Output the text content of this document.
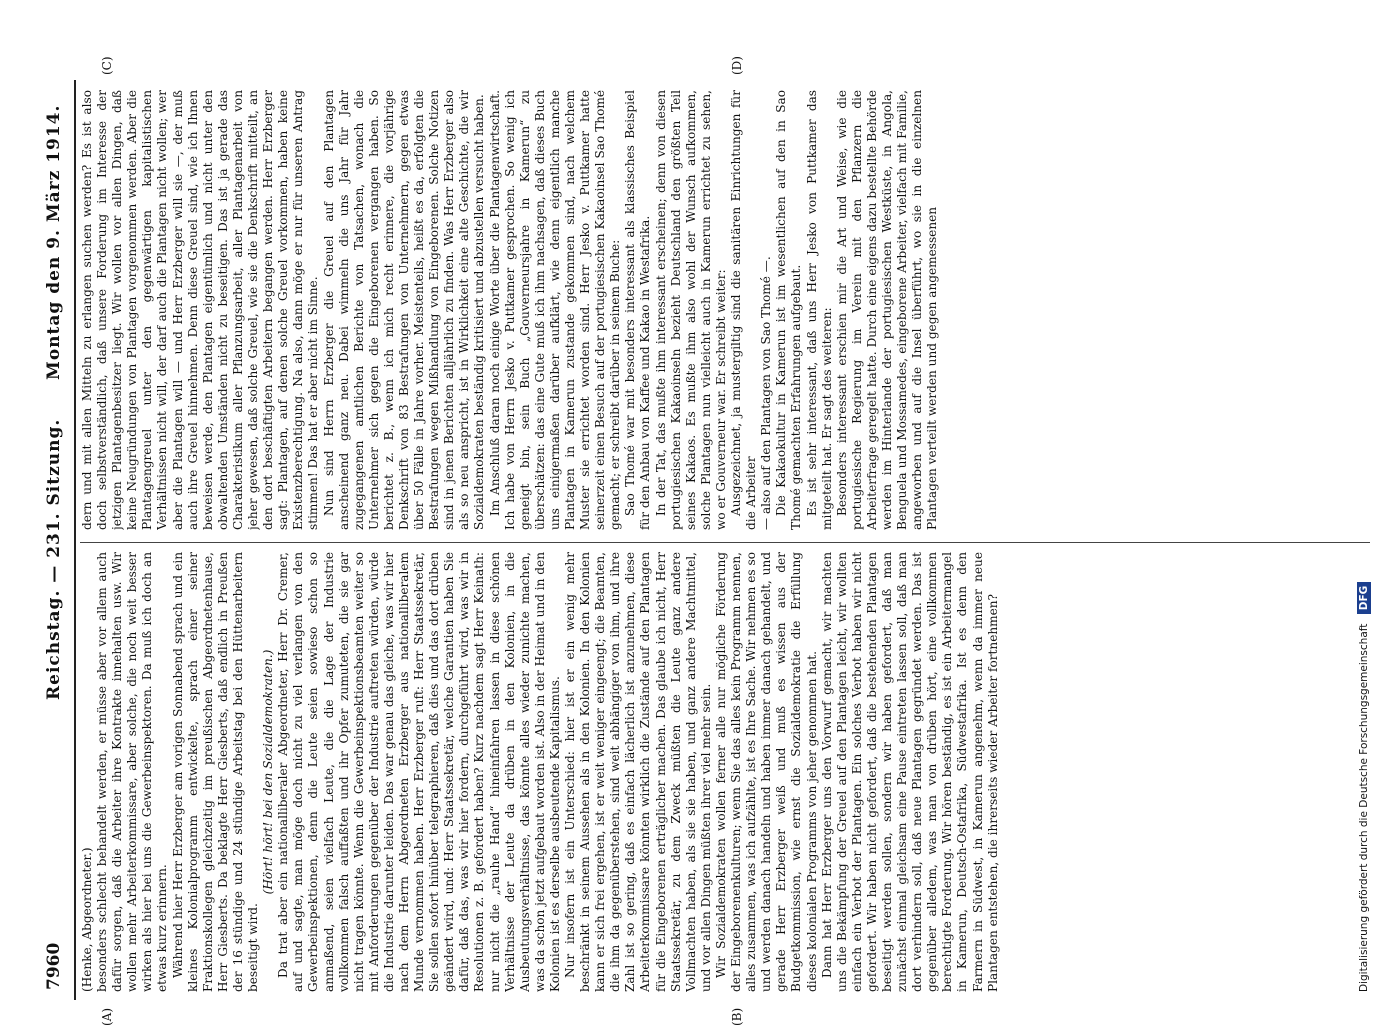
7960
Reichstag. — 231. Sitzung.
Montag den 9. März 1914.
(A)	(B)
(C)	(D)

(Henke, Abgeordneter.) besonders schlecht behandelt werden, er müsse aber vor allem auch dafür sorgen, daß die Arbeiter ihre Kontrakte innehalten usw. Wir wollen mehr Arbeiterkommissare, aber solche, die noch weit besser wirken als hier bei uns die Gewerbeinspektoren. Da muß ich doch an etwas kurz erinnern. Während hier Herr Erzberger am vorigen Sonnabend sprach und ein kleines Kolonialprogramm entwickelte, sprach einer seiner Fraktionskollegen gleichzeitig im preußischen Abgeordnetenhause, Herr Giesberts. Da beklagte Herr Giesberts, daß endlich in Preußen der 16 stündige und 24 stündige Arbeitstag bei den Hüttenarbeitern beseitigt wird.

(Hört! hört! bei den Sozialdemokraten.) Da trat aber ein nationalliberaler Abgeordneter, Herr Dr. Cremer, auf und sagte, man möge doch nicht zu viel verlangen von den Gewerbeinspektionen, denn die Leute seien sowieso schon so anmaßend, seien vielfach Leute, die die Lage der Industrie vollkommen falsch auffaßten und ihr Opfer zumuteten, die sie gar nicht tragen könnte. Wenn die Gewerbeinspektionsbeamten weiter so mit Anforderungen gegenüber der Industrie auftreten würden, würde die Industrie darunter leiden. Das war genau das gleiche, was wir hier nach dem Herrn Abgeordneten Erzberger aus nationalliberalem Munde vernommen haben. Herr Erzberger ruft: Herr Staatssekretär, Sie sollen sofort hinüber telegraphieren, daß dies und das dort drüben geändert wird, und: Herr Staatssekretär, welche Garantien haben Sie dafür, daß das, was wir hier fordern, durchgeführt wird, was wir in Resolutionen z. B. gefordert haben? Kurz nachdem sagt Herr Keinath: nur nicht die „rauhe Hand“ hineinfahren lassen in diese schönen Verhältnisse der Leute da drüben in den Kolonien, in die Ausbeutungsverhältnisse, das könnte alles wieder zunichte machen, was da schon jetzt aufgebaut worden ist. Also in der Heimat und in den Kolonien ist es derselbe ausbeutende Kapitalismus. Nur insofern ist ein Unterschied: hier ist er ein wenig mehr beschränkt in seinem Aussehen als in den Kolonien. In den Kolonien kann er sich frei ergehen, ist er weit weniger eingeengt; die Beamten, die ihm da gegenüberstehen, sind weit abhängiger von ihm, und ihre Zahl ist so gering, daß es einfach lächerlich ist anzunehmen, diese Arbeiterkommissare könnten wirklich die Zustände auf den Plantagen für die Eingeborenen erträglicher machen. Das glaube ich nicht, Herr Staatssekretär, zu dem Zweck müßten die Leute ganz andere Vollmachten haben, als sie sie haben, und ganz andere Machtmittel, und vor allen Dingen müßten ihrer viel mehr sein. Wir Sozialdemokraten wollen ferner alle nur mögliche Förderung der Eingeborenenkulturen; wenn Sie das alles kein Programm nennen, alles zusammen, was ich aufzählte, ist es Ihre Sache. Wir nehmen es so und werden danach handeln und haben immer danach gehandelt, und gerade Herr Erzberger weiß und muß es wissen aus der Budgetkommission, wie ernst die Sozialdemokratie die Erfüllung dieses kolonialen Programms von jeher genommen hat. Dann hat Herr Erzberger uns den Vorwurf gemacht, wir machten uns die Bekämpfung der Greuel auf den Plantagen leicht, wir wollten einfach ein Verbot der Plantagen. Ein solches Verbot haben wir nicht gefordert. Wir haben nicht gefordert, daß die bestehenden Plantagen beseitigt werden sollen, sondern wir haben gefordert, daß man zunächst einmal gleichsam eine Pause eintreten lassen soll, daß man dort verhindern soll, daß neue Plantagen gegründet werden. Das ist gegenüber alledem, was man von drüben hört, eine vollkommen berechtigte Forderung. Wir hören beständig, es ist ein Arbeitermangel in Kamerun, Deutsch-Ostafrika, Südwestafrika. Ist es denn den Farmern in Südwest, in Kamerun angenehm, wenn da immer neue Plantagen entstehen, die ihrerseits wieder Arbeiter fortnehmen?

dern und mit allen Mitteln zu erlangen suchen werden? Es ist also doch selbstverständlich, daß unsere Forderung im Interesse der jetzigen Plantagenbesitzer liegt. Wir wollen vor allen Dingen, daß keine Neugründungen von Plantagen vorgenommen werden. Aber die Plantagengreuel unter den gegenwärtigen kapitalistischen Verhältnissen nicht will, der darf auch die Plantagen nicht wollen; wer aber die Plantagen will — und Herr Erzberger will sie —, der muß auch ihre Greuel hinnehmen. Denn diese Greuel sind, wie ich Ihnen beweisen werde, den Plantagen eigentümlich und nicht unter den obwaltenden Umständen nicht zu beseitigen. Das ist ja gerade das Charakteristikum aller Pflanzungsarbeit, aller Plantagenarbeit von jeher gewesen, daß solche Greuel, wie sie die Denkschrift mitteilt, an den dort beschäftigten Arbeitern begangen werden. Herr Erzberger sagt: Plantagen, auf denen solche Greuel vorkommen, haben keine Existenzberechtigung. Na also, dann möge er nur für unseren Antrag stimmen! Das hat er aber nicht im Sinne. Nun sind Herrn Erzberger die Greuel auf den Plantagen anscheinend ganz neu. Dabei wimmeln die uns Jahr für Jahr zugegangenen amtlichen Berichte von Tatsachen, wonach die Unternehmer sich gegen die Eingeborenen vergangen haben. So berichtet z. B., wenn ich mich recht erinnere, die vorjährige Denkschrift von 83 Bestrafungen von Unternehmern, gegen etwas über 50 Fälle in Jahre vorher. Meistenteils, heißt es da, erfolgten die Bestrafungen wegen Mißhandlung von Eingeborenen. Solche Notizen sind in jenen Berichten alljährlich zu finden. Was Herr Erzberger also als so neu anspricht, ist in Wirklichkeit eine alte Geschichte, die wir Sozialdemokraten beständig kritisiert und abzustellen versucht haben. Im Anschluß daran noch einige Worte über die Plantagenwirtschaft. Ich habe von Herrn Jesko v. Puttkamer gesprochen. So wenig ich geneigt bin, sein Buch „Gouverneursjahre in Kamerun“ zu überschätzen: das eine Gute muß ich ihm nachsagen, daß dieses Buch uns einigermaßen darüber aufklärt, wie denn eigentlich manche Plantagen in Kamerun zustande gekommen sind, nach welchem Muster sie errichtet worden sind. Herr Jesko v. Puttkamer hatte seinerzeit einen Besuch auf der portugiesischen Kakaoinsel Sao Thomé gemacht; er schreibt darüber in seinem Buche: Sao Thomé war mit besonders interessant als klassisches Beispiel für den Anbau von Kaffee und Kakao in Westafrika. In der Tat, das mußte ihm interessant erscheinen; denn von diesen portugiesischen Kakaoinseln bezieht Deutschland den größten Teil seines Kakaos. Es mußte ihm also wohl der Wunsch aufkommen, solche Plantagen nun vielleicht auch in Kamerun errichtet zu sehen, wo er Gouverneur war. Er schreibt weiter: Ausgezeichnet, ja mustergiltig sind die sanitären Einrichtungen für die Arbeiter — also auf den Plantagen von Sao Thomé —. Die Kakaokultur in Kamerun ist im wesentlichen auf den in Sao Thomé gemachten Erfahrungen aufgebaut. Es ist sehr interessant, daß uns Herr Jesko von Puttkamer das mitgeteilt hat. Er sagt des weiteren: Besonders interessant erschien mir die Art und Weise, wie die portugiesische Regierung im Verein mit den Pflanzern die Arbeiterfrage geregelt hatte. Durch eine eigens dazu bestellte Behörde werden im Hinterlande der portugiesischen Westküste, in Angola, Benguela und Mossamedes, eingeborene Arbeiter, vielfach mit Familie, angeworben und auf die Insel überführt, wo sie in die einzelnen Plantagen verteilt werden und gegen angemessenen

Digitalisierung gefördert durch die Deutsche Forschungsgemeinschaft DFG
